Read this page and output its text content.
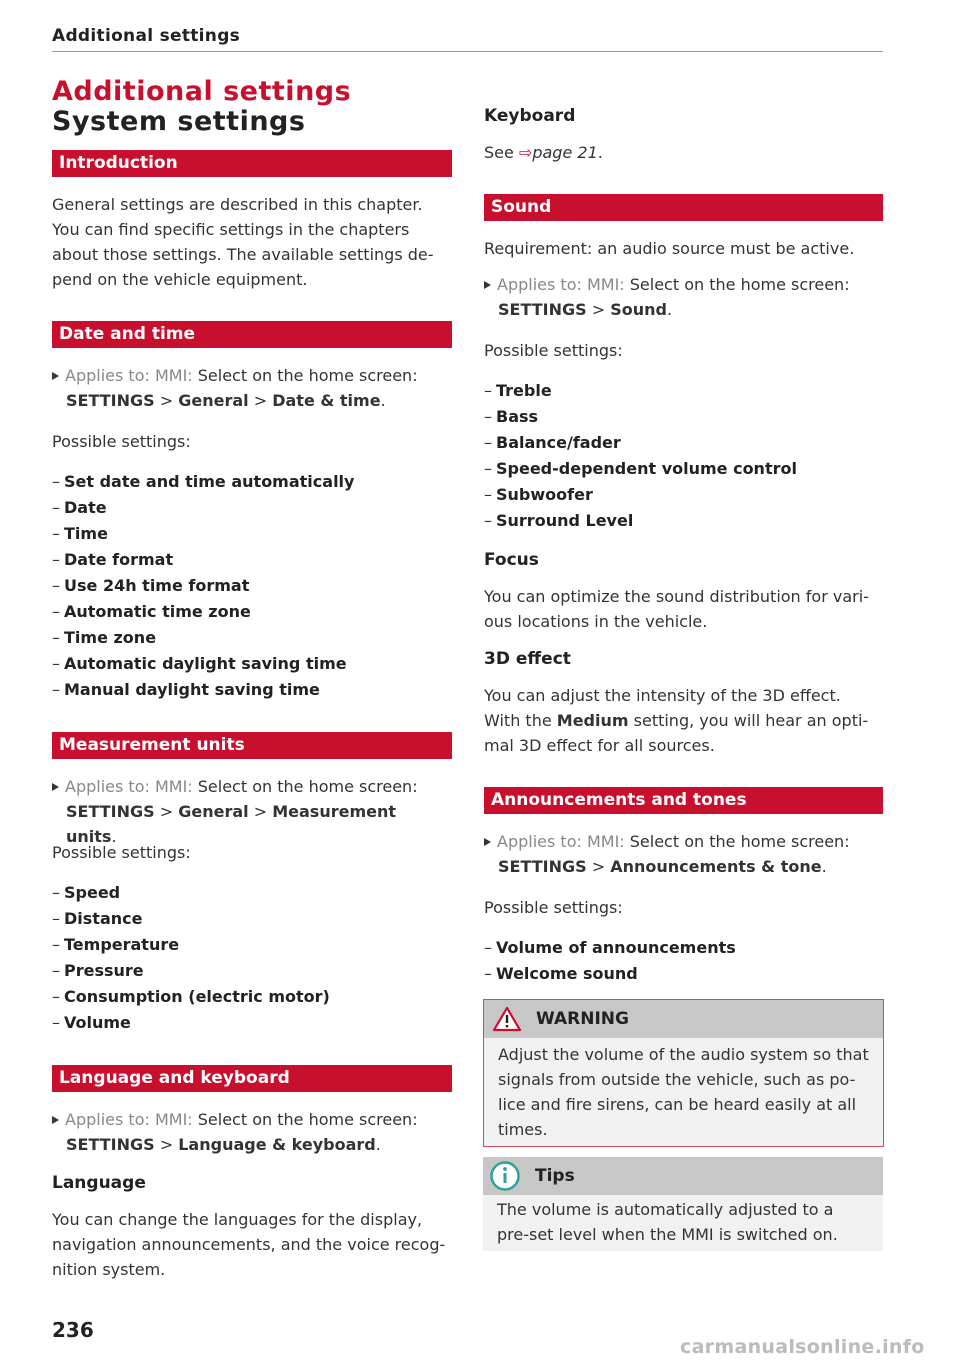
Additional settings
Additional settings
System settings
Introduction
General settings are described in this chapter. You can find specific settings in the chapters about those settings. The available settings de-pend on the vehicle equipment.
Date and time
Applies to: MMI: Select on the home screen:
SETTINGS > General > Date & time.
Possible settings:
– Set date and time automatically
– Date
– Time
– Date format
– Use 24h time format
– Automatic time zone
– Time zone
– Automatic daylight saving time
– Manual daylight saving time
Measurement units
Applies to: MMI: Select on the home screen:
SETTINGS > General > Measurement units.
Possible settings:
– Speed
– Distance
– Temperature
– Pressure
– Consumption (electric motor)
– Volume
Language and keyboard
Applies to: MMI: Select on the home screen:
SETTINGS > Language & keyboard.
Language
You can change the languages for the display, navigation announcements, and the voice recog-nition system.
236
Keyboard
See ⇨page 21.
Sound
Requirement: an audio source must be active.
Applies to: MMI: Select on the home screen:
SETTINGS > Sound.
Possible settings:
– Treble
– Bass
– Balance/fader
– Speed-dependent volume control
– Subwoofer
– Surround Level
Focus
You can optimize the sound distribution for vari-ous locations in the vehicle.
3D effect
You can adjust the intensity of the 3D effect. With the Medium setting, you will hear an opti-mal 3D effect for all sources.
Announcements and tones
Applies to: MMI: Select on the home screen:
SETTINGS > Announcements & tone.
Possible settings:
– Volume of announcements
– Welcome sound
WARNING
Adjust the volume of the audio system so that signals from outside the vehicle, such as po-lice and fire sirens, can be heard easily at all times.
Tips
The volume is automatically adjusted to a pre-set level when the MMI is switched on.
carmanualsonline.info
